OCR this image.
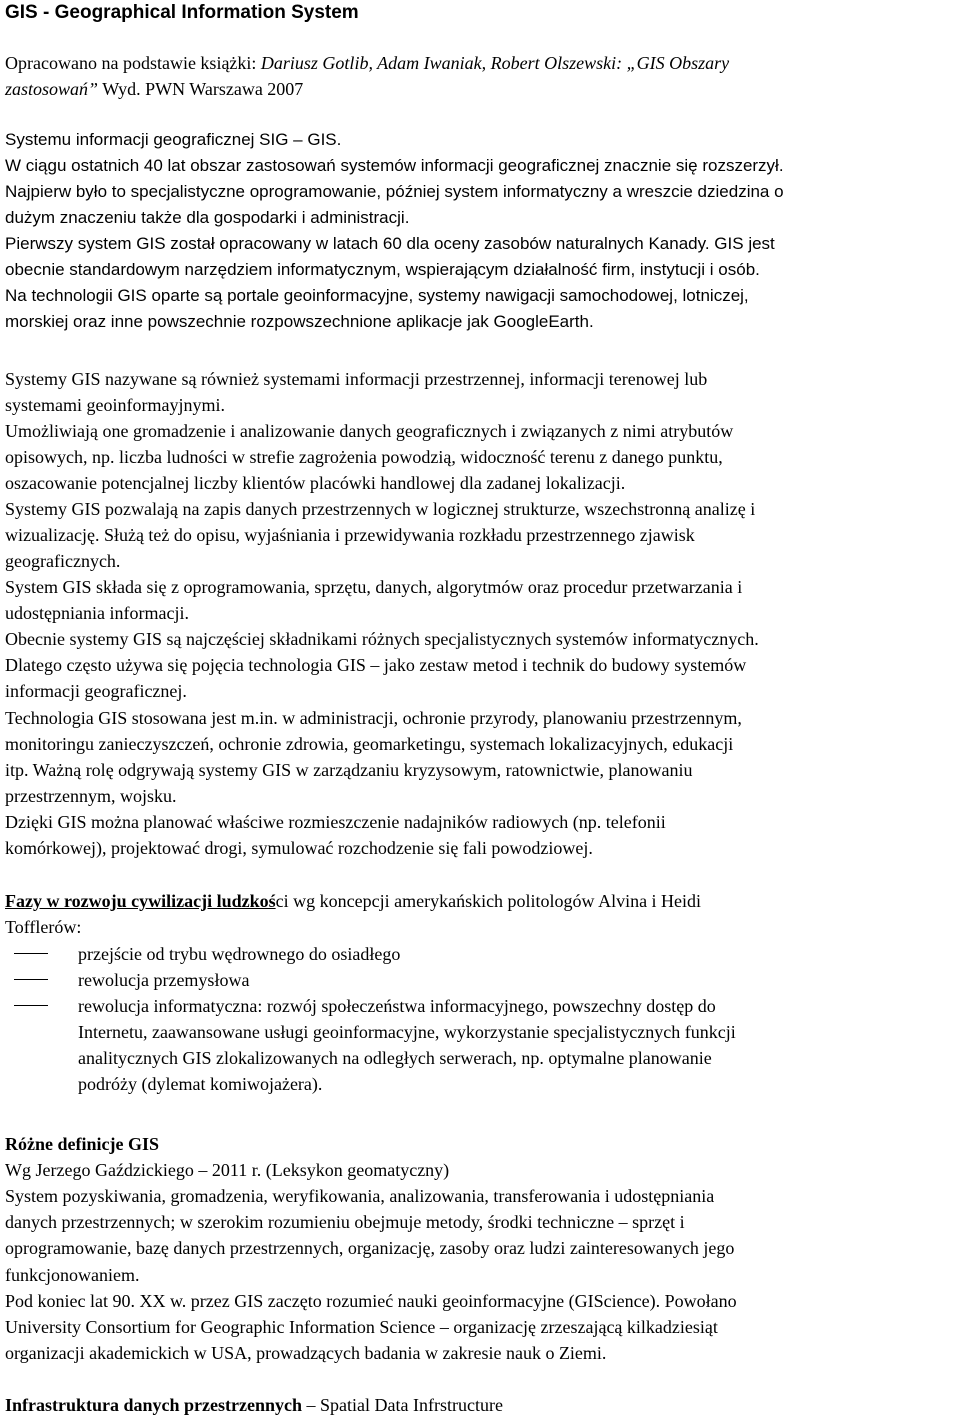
GIS - Geographical Information System
Opracowano na podstawie książki: Dariusz Gotlib, Adam Iwaniak, Robert Olszewski: „GIS Obszary
zastosowań” Wyd. PWN Warszawa 2007
Systemu informacji geograficznej SIG – GIS.
W ciągu ostatnich 40 lat obszar zastosowań systemów informacji geograficznej znacznie się rozszerzył.
Najpierw było to specjalistyczne oprogramowanie, później system informatyczny a wreszcie dziedzina o
dużym znaczeniu także dla gospodarki i administracji.
Pierwszy system GIS został opracowany w latach 60 dla oceny zasobów naturalnych Kanady. GIS jest
obecnie standardowym narzędziem informatycznym, wspierającym działalność firm, instytucji i osób.
Na technologii GIS oparte są portale geoinformacyjne, systemy nawigacji samochodowej, lotniczej,
morskiej oraz inne powszechnie rozpowszechnione aplikacje jak GoogleEarth.
Systemy GIS nazywane są również systemami informacji przestrzennej, informacji terenowej lub
systemami geoinformayjnymi.
Umożliwiają one gromadzenie i analizowanie danych geograficznych i związanych z nimi atrybutów
opisowych, np. liczba ludności w strefie zagrożenia powodzią, widoczność terenu z danego punktu,
oszacowanie potencjalnej liczby klientów placówki handlowej dla zadanej lokalizacji.
Systemy GIS pozwalają na zapis danych przestrzennych w logicznej strukturze, wszechstronną analizę i
wizualizację. Służą też do opisu, wyjaśniania i przewidywania rozkładu przestrzennego zjawisk
geograficznych.
System GIS składa się z oprogramowania, sprzętu, danych, algorytmów oraz procedur przetwarzania i
udostępniania informacji.
Obecnie systemy GIS są najczęściej składnikami różnych specjalistycznych systemów informatycznych.
Dlatego często używa się pojęcia technologia GIS – jako zestaw metod i technik do budowy systemów
informacji geograficznej.
Technologia GIS stosowana jest m.in. w administracji, ochronie przyrody, planowaniu przestrzennym,
monitoringu zanieczyszczeń, ochronie zdrowia, geomarketingu, systemach lokalizacyjnych, edukacji
itp. Ważną rolę odgrywają systemy GIS w zarządzaniu kryzysowym, ratownictwie, planowaniu
przestrzennym, wojsku.
Dzięki GIS można planować właściwe rozmieszczenie nadajników radiowych (np. telefonii
komórkowej), projektować drogi, symulować rozchodzenie się fali powodziowej.
Fazy w rozwoju cywilizacji ludzkości wg koncepcji amerykańskich politologów Alvina i Heidi
Tofflerów:
przejście od trybu wędrownego do osiadłego
rewolucja przemysłowa
rewolucja informatyczna: rozwój społeczeństwa informacyjnego, powszechny dostęp do
Internetu, zaawansowane usługi geoinformacyjne, wykorzystanie specjalistycznych funkcji
analitycznych GIS zlokalizowanych na odległych serwerach, np. optymalne planowanie
podróży (dylemat komiwojażera).
Różne definicje GIS
Wg Jerzego Gaździckiego – 2011 r. (Leksykon geomatyczny)
System pozyskiwania, gromadzenia, weryfikowania, analizowania, transferowania i udostępniania
danych przestrzennych; w szerokim rozumieniu obejmuje metody, środki techniczne – sprzęt i
oprogramowanie, bazę danych przestrzennych, organizację, zasoby oraz ludzi zainteresowanych jego
funkcjonowaniem.
Pod koniec lat 90. XX w. przez GIS zaczęto rozumieć nauki geoinformacyjne (GIScience). Powołano
University Consortium for Geographic Information Science – organizację zrzeszającą kilkadziesiąt
organizacji akademickich w USA, prowadzących badania w zakresie nauk o Ziemi.
Infrastruktura danych przestrzennych – Spatial Data Infrstructure
